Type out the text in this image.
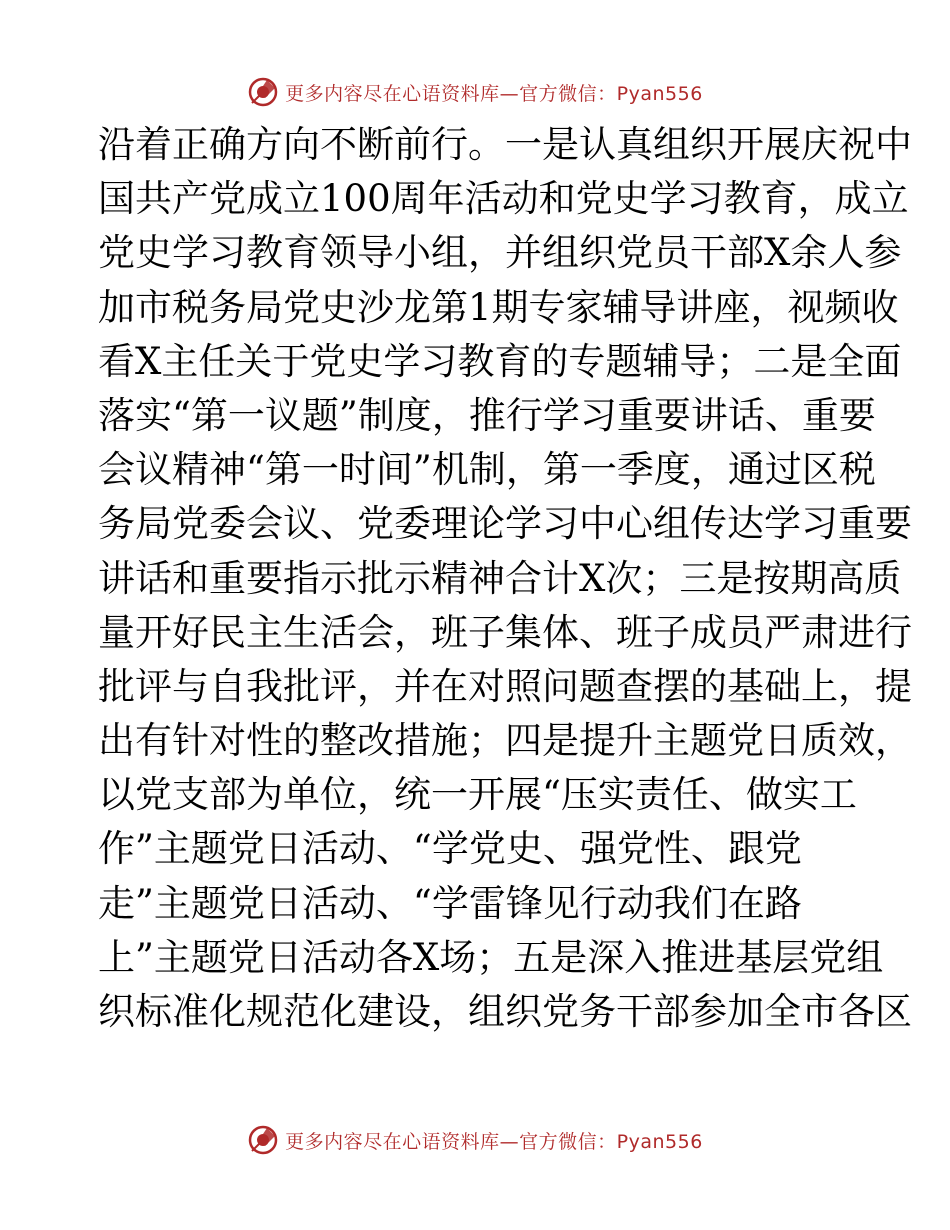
更多内容尽在心语资料库—官方微信：Pyan556
沿着正确方向不断前行。一是认真组织开展庆祝中
国共产党成立100周年活动和党史学习教育，成立
党史学习教育领导小组，并组织党员干部X余人参
加市税务局党史沙龙第1期专家辅导讲座，视频收
看X主任关于党史学习教育的专题辅导；二是全面
落实“第一议题”制度，推行学习重要讲话、重要
会议精神“第一时间”机制，第一季度，通过区税
务局党委会议、党委理论学习中心组传达学习重要
讲话和重要指示批示精神合计X次；三是按期高质
量开好民主生活会，班子集体、班子成员严肃进行
批评与自我批评，并在对照问题查摆的基础上，提
出有针对性的整改措施；四是提升主题党日质效，
以党支部为单位，统一开展“压实责任、做实工
作”主题党日活动、“学党史、强党性、跟党
走”主题党日活动、“学雷锋见行动我们在路
上”主题党日活动各X场；五是深入推进基层党组
织标准化规范化建设，组织党务干部参加全市各区
更多内容尽在心语资料库—官方微信：Pyan556
